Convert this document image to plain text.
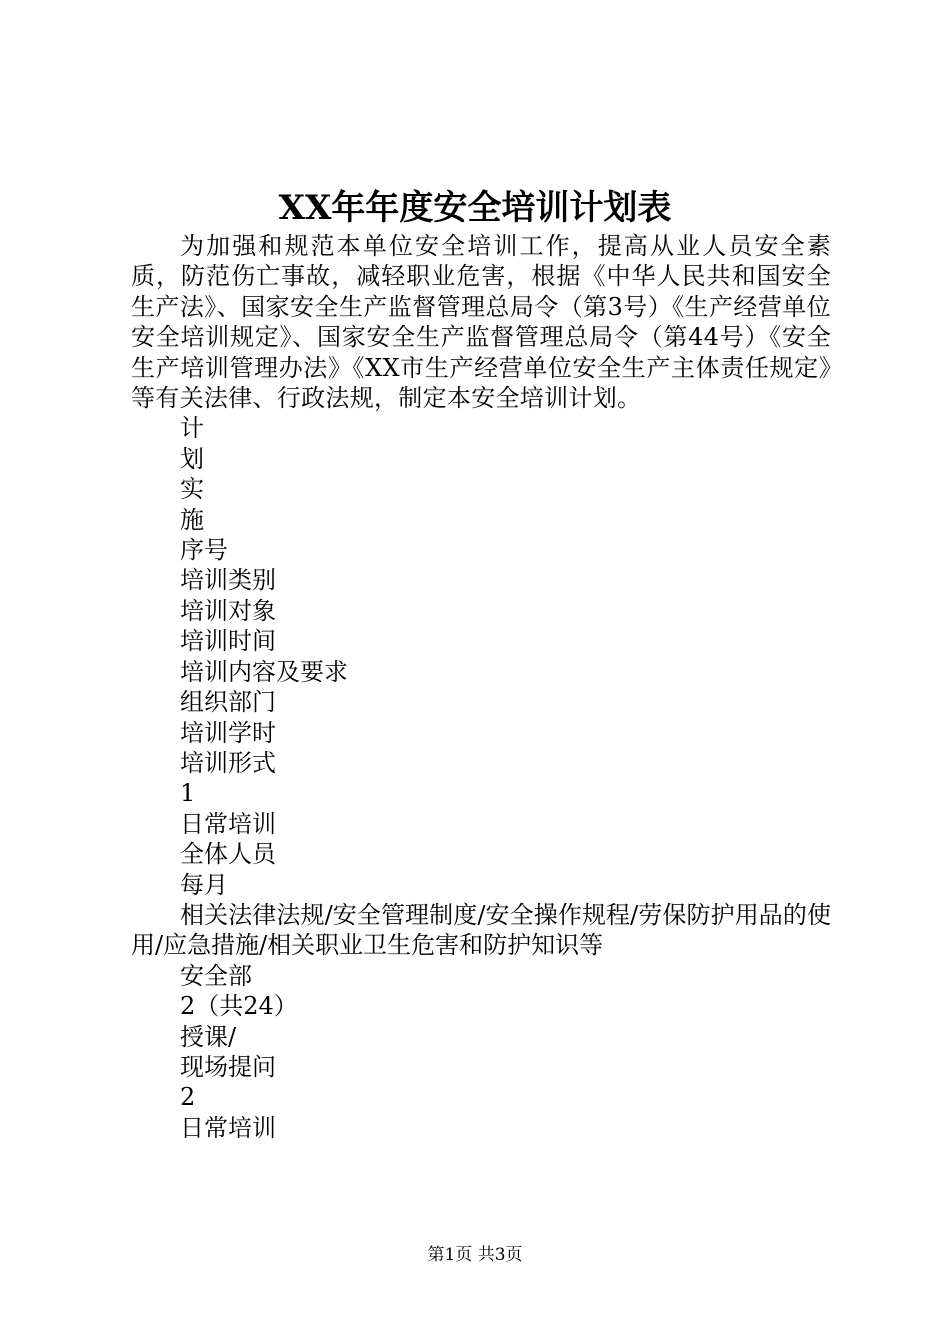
XX年年度安全培训计划表

为加强和规范本单位安全培训工作，提高从业人员安全素质，防范伤亡事故，减轻职业危害，根据《中华人民共和国安全生产法》、国家安全生产监督管理总局令（第3号）《生产经营单位安全培训规定》、国家安全生产监督管理总局令（第44号）《安全生产培训管理办法》《XX市生产经营单位安全生产主体责任规定》等有关法律、行政法规，制定本安全培训计划。

计

划

实

施

序号

培训类别

培训对象

培训时间

培训内容及要求

组织部门

培训学时

培训形式

1

日常培训

全体人员

每月

相关法律法规/安全管理制度/安全操作规程/劳保防护用品的使用/应急措施/相关职业卫生危害和防护知识等

安全部

2（共24）

授课/

现场提问

2

日常培训

第1页 共3页
